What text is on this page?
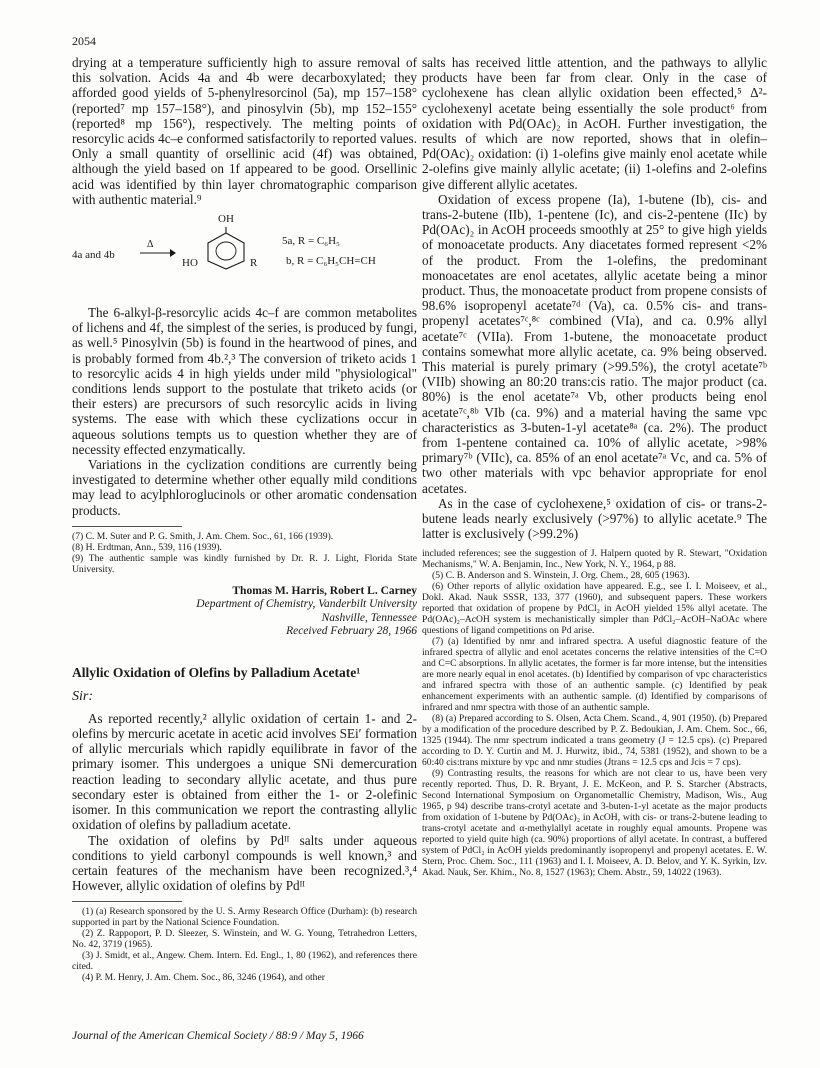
2054

drying at a temperature sufficiently high to assure removal of this solvation. Acids 4a and 4b were decarboxylated; they afforded good yields of 5-phenylresorcinol (5a), mp 157–158° (reported⁷ mp 157–158°), and pinosylvin (5b), mp 152–155° (reported⁸ mp 156°), respectively. The melting points of resorcylic acids 4c–e conformed satisfactorily to reported values. Only a small quantity of orsellinic acid (4f) was obtained, although the yield based on 1f appeared to be good. Orsellinic acid was identified by thin layer chromatographic comparison with authentic material.⁹

4a and 4b
Δ
OH
HO	R
5a, R = C₆H₅
b, R = C₆H₅CH=CH

The 6-alkyl-β-resorcylic acids 4c–f are common metabolites of lichens and 4f, the simplest of the series, is produced by fungi, as well.⁵ Pinosylvin (5b) is found in the heartwood of pines, and is probably formed from 4b.²,³ The conversion of triketo acids 1 to resorcylic acids 4 in high yields under mild "physiological" conditions lends support to the postulate that triketo acids (or their esters) are precursors of such resorcylic acids in living systems. The ease with which these cyclizations occur in aqueous solutions tempts us to question whether they are of necessity effected enzymatically.

Variations in the cyclization conditions are currently being investigated to determine whether other equally mild conditions may lead to acylphloroglucinols or other aromatic condensation products.

(7) C. M. Suter and P. G. Smith, J. Am. Chem. Soc., 61, 166 (1939).

(8) H. Erdtman, Ann., 539, 116 (1939).

(9) The authentic sample was kindly furnished by Dr. R. J. Light, Florida State University.

Thomas M. Harris, Robert L. Carney
Department of Chemistry, Vanderbilt University
Nashville, Tennessee
Received February 28, 1966
Allylic Oxidation of Olefins by Palladium Acetate¹
Sir:

As reported recently,² allylic oxidation of certain 1- and 2-olefins by mercuric acetate in acetic acid involves SEi′ formation of allylic mercurials which rapidly equilibrate in favor of the primary isomer. This undergoes a unique SNi demercuration reaction leading to secondary allylic acetate, and thus pure secondary ester is obtained from either the 1- or 2-olefinic isomer. In this communication we report the contrasting allylic oxidation of olefins by palladium acetate.

The oxidation of olefins by Pdᴵᴵ salts under aqueous conditions to yield carbonyl compounds is well known,³ and certain features of the mechanism have been recognized.³,⁴ However, allylic oxidation of olefins by Pdᴵᴵ

(1) (a) Research sponsored by the U. S. Army Research Office (Durham): (b) research supported in part by the National Science Foundation.

(2) Z. Rappoport, P. D. Sleezer, S. Winstein, and W. G. Young, Tetrahedron Letters, No. 42, 3719 (1965).

(3) J. Smidt, et al., Angew. Chem. Intern. Ed. Engl., 1, 80 (1962), and references there cited.

(4) P. M. Henry, J. Am. Chem. Soc., 86, 3246 (1964), and other

salts has received little attention, and the pathways to allylic products have been far from clear. Only in the case of cyclohexene has clean allylic oxidation been effected,⁵ Δ²-cyclohexenyl acetate being essentially the sole product⁶ from oxidation with Pd(OAc)₂ in AcOH. Further investigation, the results of which are now reported, shows that in olefin–Pd(OAc)₂ oxidation: (i) 1-olefins give mainly enol acetate while 2-olefins give mainly allylic acetate; (ii) 1-olefins and 2-olefins give different allylic acetates.

Oxidation of excess propene (Ia), 1-butene (Ib), cis- and trans-2-butene (IIb), 1-pentene (Ic), and cis-2-pentene (IIc) by Pd(OAc)₂ in AcOH proceeds smoothly at 25° to give high yields of monoacetate products. Any diacetates formed represent <2% of the product. From the 1-olefins, the predominant monoacetates are enol acetates, allylic acetate being a minor product. Thus, the monoacetate product from propene consists of 98.6% isopropenyl acetate⁷ᵈ (Va), ca. 0.5% cis- and trans-propenyl acetates⁷ᶜ,⁸ᶜ combined (VIa), and ca. 0.9% allyl acetate⁷ᶜ (VIIa). From 1-butene, the monoacetate product contains somewhat more allylic acetate, ca. 9% being observed. This material is purely primary (>99.5%), the crotyl acetate⁷ᵇ (VIIb) showing an 80:20 trans:cis ratio. The major product (ca. 80%) is the enol acetate⁷ᵃ Vb, other products being enol acetate⁷ᶜ,⁸ᵇ VIb (ca. 9%) and a material having the same vpc characteristics as 3-buten-1-yl acetate⁸ᵃ (ca. 2%). The product from 1-pentene contained ca. 10% of allylic acetate, >98% primary⁷ᵇ (VIIc), ca. 85% of an enol acetate⁷ᵃ Vc, and ca. 5% of two other materials with vpc behavior appropriate for enol acetates.

As in the case of cyclohexene,⁵ oxidation of cis- or trans-2-butene leads nearly exclusively (>97%) to allylic acetate.⁹ The latter is exclusively (>99.2%)

included references; see the suggestion of J. Halpern quoted by R. Stewart, "Oxidation Mechanisms," W. A. Benjamin, Inc., New York, N. Y., 1964, p 88.

(5) C. B. Anderson and S. Winstein, J. Org. Chem., 28, 605 (1963).

(6) Other reports of allylic oxidation have appeared. E.g., see I. I. Moiseev, et al., Dokl. Akad. Nauk SSSR, 133, 377 (1960), and subsequent papers. These workers reported that oxidation of propene by PdCl₂ in AcOH yielded 15% allyl acetate. The Pd(OAc)₂–AcOH system is mechanistically simpler than PdCl₂–AcOH–NaOAc where questions of ligand competitions on Pd arise.

(7) (a) Identified by nmr and infrared spectra. A useful diagnostic feature of the infrared spectra of allylic and enol acetates concerns the relative intensities of the C=O and C=C absorptions. In allylic acetates, the former is far more intense, but the intensities are more nearly equal in enol acetates. (b) Identified by comparison of vpc characteristics and infrared spectra with those of an authentic sample. (c) Identified by peak enhancement experiments with an authentic sample. (d) Identified by comparisons of infrared and nmr spectra with those of an authentic sample.

(8) (a) Prepared according to S. Olsen, Acta Chem. Scand., 4, 901 (1950). (b) Prepared by a modification of the procedure described by P. Z. Bedoukian, J. Am. Chem. Soc., 66, 1325 (1944). The nmr spectrum indicated a trans geometry (J = 12.5 cps). (c) Prepared according to D. Y. Curtin and M. J. Hurwitz, ibid., 74, 5381 (1952), and shown to be a 60:40 cis:trans mixture by vpc and nmr studies (Jtrans = 12.5 cps and Jcis = 7 cps).

(9) Contrasting results, the reasons for which are not clear to us, have been very recently reported. Thus, D. R. Bryant, J. E. McKeon, and P. S. Starcher (Abstracts, Second International Symposium on Organometallic Chemistry, Madison, Wis., Aug 1965, p 94) describe trans-crotyl acetate and 3-buten-1-yl acetate as the major products from oxidation of 1-butene by Pd(OAc)₂ in AcOH, with cis- or trans-2-butene leading to trans-crotyl acetate and α-methylallyl acetate in roughly equal amounts. Propene was reported to yield quite high (ca. 90%) proportions of allyl acetate. In contrast, a buffered system of PdCl₂ in AcOH yields predominantly isopropenyl and propenyl acetates. E. W. Stern, Proc. Chem. Soc., 111 (1963) and I. I. Moiseev, A. D. Belov, and Y. K. Syrkin, Izv. Akad. Nauk, Ser. Khim., No. 8, 1527 (1963); Chem. Abstr., 59, 14022 (1963).

Journal of the American Chemical Society / 88:9 / May 5, 1966
